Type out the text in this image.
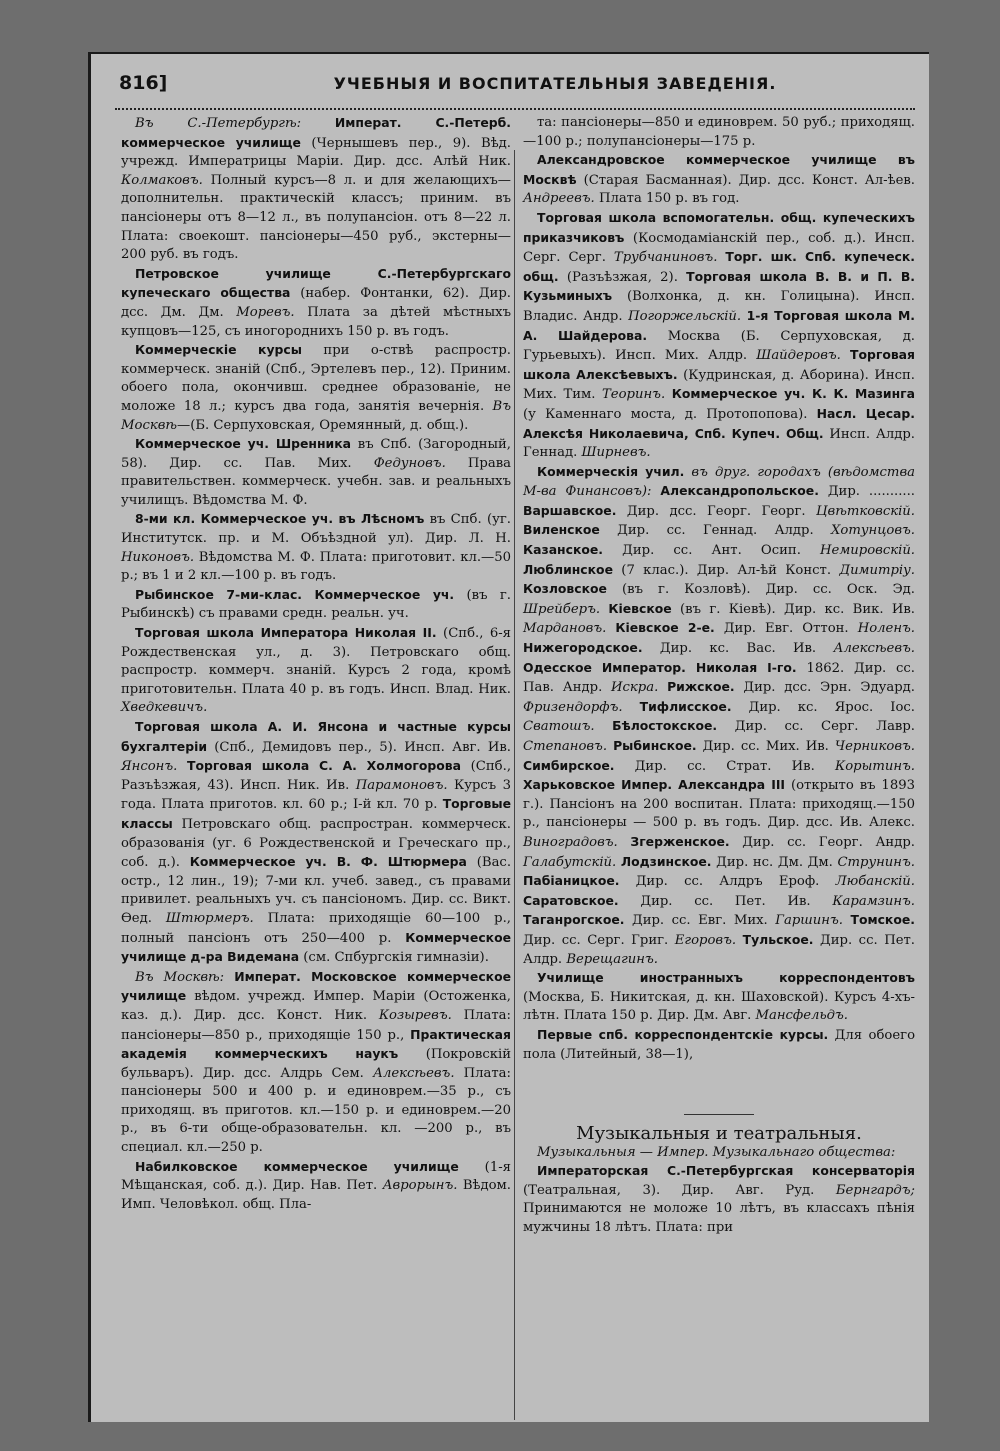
816]	УЧЕБНЫЯ И ВОСПИТАТЕЛЬНЫЯ ЗАВЕДЕНІЯ.

Въ С.-Петербургѣ: Императ. С.-Петерб. коммерческое училище (Чернышевъ пер., 9). Вѣд. учрежд. Императрицы Маріи. Дир. дсс. Алѣй Ник. Колмаковъ. Полный курсъ—8 л. и для желающихъ—дополнительн. практическій классъ; приним. въ пансіонеры отъ 8—12 л., въ полупансіон. отъ 8—22 л. Плата: своекошт. пансіонеры—450 руб., экстерны—200 руб. въ годъ.

Петровское училище С.-Петербургскаго купеческаго общества (набер. Фонтанки, 62). Дир. дсс. Дм. Дм. Моревъ. Плата за дѣтей мѣстныхъ купцовъ—125, съ иногороднихъ 150 р. въ годъ.

Коммерческіе курсы при о-ствѣ распростр. коммерческ. знаній (Спб., Эртелевъ пер., 12). Приним. обоего пола, окончивш. среднее образованіе, не моложе 18 л.; курсъ два года, занятія вечернія. Въ Москвѣ—(Б. Серпуховская, Оремянный, д. общ.).

Коммерческое уч. Шренника въ Спб. (Загородный, 58). Дир. сс. Пав. Мих. Федуновъ. Права правительствен. коммерческ. учебн. зав. и реальныхъ училищъ. Вѣдомства М. Ф.

8-ми кл. Коммерческое уч. въ Лѣсномъ въ Спб. (уг. Институтск. пр. и М. Объѣздной ул). Дир. Л. Н. Никоновъ. Вѣдомства М. Ф. Плата: приготовит. кл.—50 р.; въ 1 и 2 кл.—100 р. въ годъ.

Рыбинское 7-ми-клас. Коммерческое уч. (въ г. Рыбинскѣ) съ правами средн. реальн. уч.

Торговая школа Императора Николая II. (Спб., 6-я Рождественская ул., д. 3). Петровскаго общ. распростр. коммерч. знаній. Курсъ 2 года, кромѣ приготовительн. Плата 40 р. въ годъ. Инсп. Влад. Ник. Хведкевичъ.

Торговая школа А. И. Янсона и частные курсы бухгалтеріи (Спб., Демидовъ пер., 5). Инсп. Авг. Ив. Янсонъ. Торговая школа С. А. Холмогорова (Спб., Разъѣзжая, 43). Инсп. Ник. Ив. Парамоновъ. Курсъ 3 года. Плата приготов. кл. 60 р.; I-й кл. 70 р. Торговые классы Петровскаго общ. распростран. коммерческ. образованія (уг. 6 Рождественской и Греческаго пр., соб. д.). Коммерческое уч. В. Ф. Штюрмера (Вас. остр., 12 лин., 19); 7-ми кл. учеб. завед., съ правами привилет. реальныхъ уч. съ пансіономъ. Дир. сс. Викт. Ѳед. Штюрмеръ. Плата: приходящіе 60—100 р., полный пансіонъ отъ 250—400 р. Коммерческое училище д-ра Видемана (см. Спбургскія гимназіи).

Въ Москвѣ: Императ. Московское коммерческое училище вѣдом. учрежд. Импер. Маріи (Остоженка, каз. д.). Дир. дсс. Конст. Ник. Козыревъ. Плата: пансіонеры—850 р., приходящіе 150 р., Практическая академія коммерческихъ наукъ (Покровскій бульваръ). Дир. дсс. Алдрь Сем. Алексѣевъ. Плата: пансіонеры 500 и 400 р. и единоврем.—35 р., съ приходящ. въ приготов. кл.—150 р. и единоврем.—20 р., въ 6-ти обще-образовательн. кл. —200 р., въ специал. кл.—250 р.

Набилковское коммерческое училище (1-я Мѣщанская, соб. д.). Дир. Нав. Пет. Аврорынъ. Вѣдом. Имп. Человѣкол. общ. Пла-

та: пансіонеры—850 и единоврем. 50 руб.; приходящ.—100 р.; полупансіонеры—175 р.

Александровское коммерческое училище въ Москвѣ (Старая Басманная). Дир. дсс. Конст. Ал-ѣев. Андреевъ. Плата 150 р. въ год.

Торговая школа вспомогательн. общ. купеческихъ приказчиковъ (Космодаміанскій пер., соб. д.). Инсп. Серг. Серг. Трубчаниновъ. Торг. шк. Спб. купеческ. общ. (Разъѣзжая, 2). Торговая школа В. В. и П. В. Кузьминыхъ (Волхонка, д. кн. Голицына). Инсп. Владис. Андр. Погоржельскій. 1-я Торговая школа М. А. Шайдерова. Москва (Б. Серпуховская, д. Гурьевыхъ). Инсп. Мих. Алдр. Шайдеровъ. Торговая школа Алексѣевыхъ. (Кудринская, д. Аборина). Инсп. Мих. Тим. Теоринъ. Коммерческое уч. К. К. Мазинга (у Каменнаго моста, д. Протопопова). Насл. Цесар. Алексѣя Николаевича, Спб. Купеч. Общ. Инсп. Алдр. Геннад. Ширневъ.

Коммерческія учил. въ друг. городахъ (вѣдомства М-ва Финансовъ): Александропольское. Дир. ........... Варшавское. Дир. дсс. Георг. Георг. Цвѣтковскій. Виленское Дир. сс. Геннад. Алдр. Хотунцовъ. Казанское. Дир. сс. Ант. Осип. Немировскій. Люблинское (7 клас.). Дир. Ал-ѣй Конст. Димитріу. Козловское (въ г. Козловѣ). Дир. сс. Оск. Эд. Шрейберъ. Кіевское (въ г. Кіевѣ). Дир. кс. Вик. Ив. Мардановъ. Кіевское 2-е. Дир. Евг. Оттон. Ноленъ. Нижегородское. Дир. кс. Вас. Ив. Алексѣевъ. Одесское Император. Николая I-го. 1862. Дир. сс. Пав. Андр. Искра. Рижское. Дир. дсс. Эрн. Эдуард. Фризендорфъ. Тифлисское. Дир. кс. Ярос. Іос. Сватошъ. Бѣлостокское. Дир. сс. Серг. Лавр. Степановъ. Рыбинское. Дир. сс. Мих. Ив. Черниковъ. Симбирское. Дир. сс. Страт. Ив. Корытинъ. Харьковское Импер. Александра III (открыто въ 1893 г.). Пансіонъ на 200 воспитан. Плата: приходящ.—150 р., пансіонеры — 500 р. въ годъ. Дир. дсс. Ив. Алекс. Виноградовъ. Згерженское. Дир. сс. Георг. Андр. Галабутскій. Лодзинское. Дир. нс. Дм. Дм. Струнинъ. Пабіаницкое. Дир. сс. Алдръ Ероф. Любанскій. Саратовское. Дир. сс. Пет. Ив. Карамзинъ. Таганрогское. Дир. сс. Евг. Мих. Гаршинъ. Томское. Дир. сс. Серг. Григ. Егоровъ. Тульское. Дир. сс. Пет. Алдр. Верещагинъ.

Училище иностранныхъ корреспондентовъ (Москва, Б. Никитская, д. кн. Шаховской). Курсъ 4-хъ-лѣтн. Плата 150 р. Дир. Дм. Авг. Мансфельдъ.

Первые спб. корреспондентскіе курсы. Для обоего пола (Литейный, 38—1),

Музыкальныя и театральныя.

Музыкальныя — Импер. Музыкальнаго общества:

Императорская С.-Петербургская консерваторія (Театральная, 3). Дир. Авг. Руд. Бернгардъ; Принимаются не моложе 10 лѣтъ, въ классахъ пѣнія мужчины 18 лѣтъ. Плата: при
